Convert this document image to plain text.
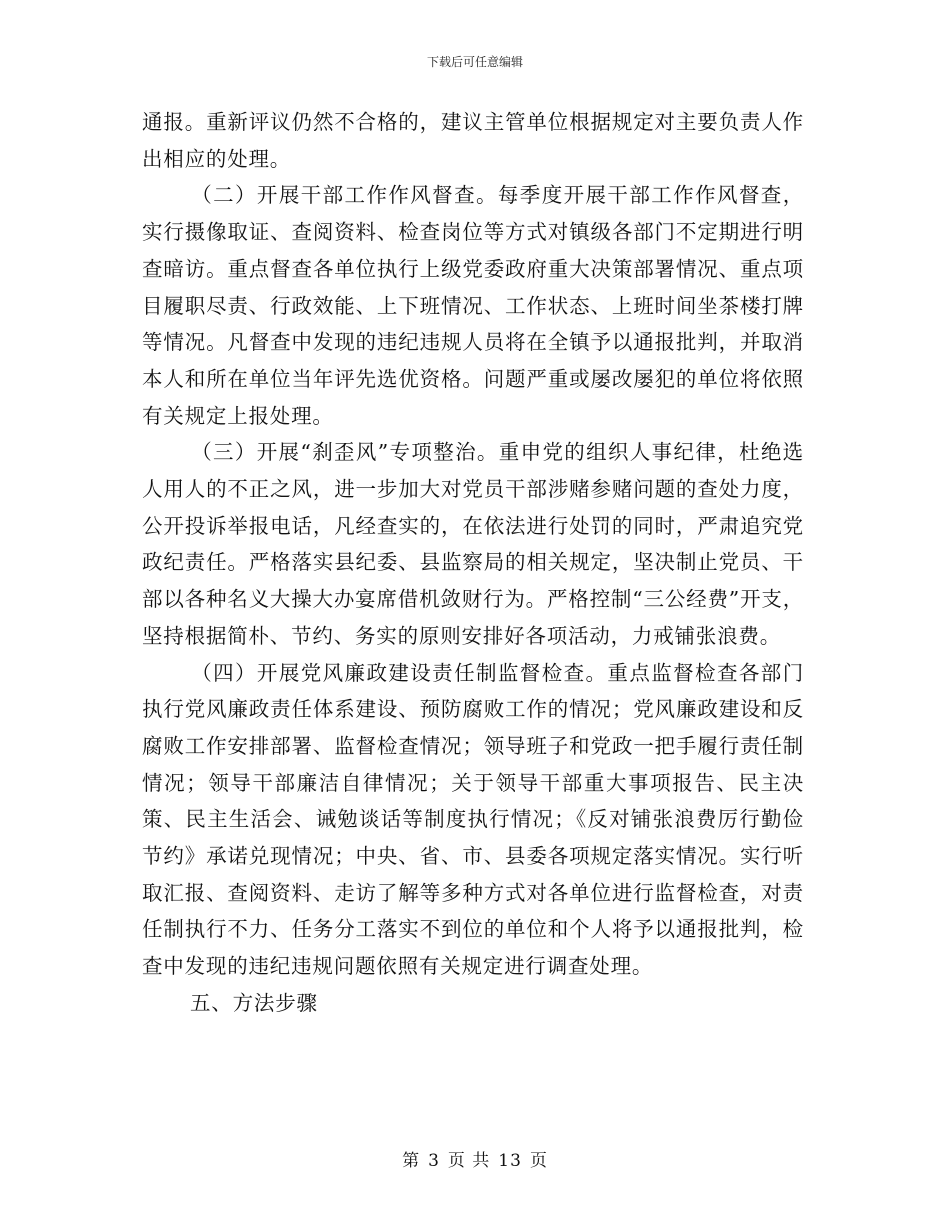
下载后可任意编辑

通报。重新评议仍然不合格的，建议主管单位根据规定对主要负责人作出相应的处理。

（二）开展干部工作作风督查。每季度开展干部工作作风督查，实行摄像取证、查阅资料、检查岗位等方式对镇级各部门不定期进行明查暗访。重点督查各单位执行上级党委政府重大决策部署情况、重点项目履职尽责、行政效能、上下班情况、工作状态、上班时间坐茶楼打牌等情况。凡督查中发现的违纪违规人员将在全镇予以通报批判，并取消本人和所在单位当年评先选优资格。问题严重或屡改屡犯的单位将依照有关规定上报处理。

（三）开展“刹歪风”专项整治。重申党的组织人事纪律，杜绝选人用人的不正之风，进一步加大对党员干部涉赌参赌问题的查处力度，公开投诉举报电话，凡经查实的，在依法进行处罚的同时，严肃追究党政纪责任。严格落实县纪委、县监察局的相关规定，坚决制止党员、干部以各种名义大操大办宴席借机敛财行为。严格控制“三公经费”开支，坚持根据简朴、节约、务实的原则安排好各项活动，力戒铺张浪费。

（四）开展党风廉政建设责任制监督检查。重点监督检查各部门执行党风廉政责任体系建设、预防腐败工作的情况；党风廉政建设和反腐败工作安排部署、监督检查情况；领导班子和党政一把手履行责任制情况；领导干部廉洁自律情况；关于领导干部重大事项报告、民主决策、民主生活会、诫勉谈话等制度执行情况；《反对铺张浪费厉行勤俭节约》承诺兑现情况；中央、省、市、县委各项规定落实情况。实行听取汇报、查阅资料、走访了解等多种方式对各单位进行监督检查，对责任制执行不力、任务分工落实不到位的单位和个人将予以通报批判，检查中发现的违纪违规问题依照有关规定进行调查处理。

五、方法步骤

第 3 页 共 13 页
